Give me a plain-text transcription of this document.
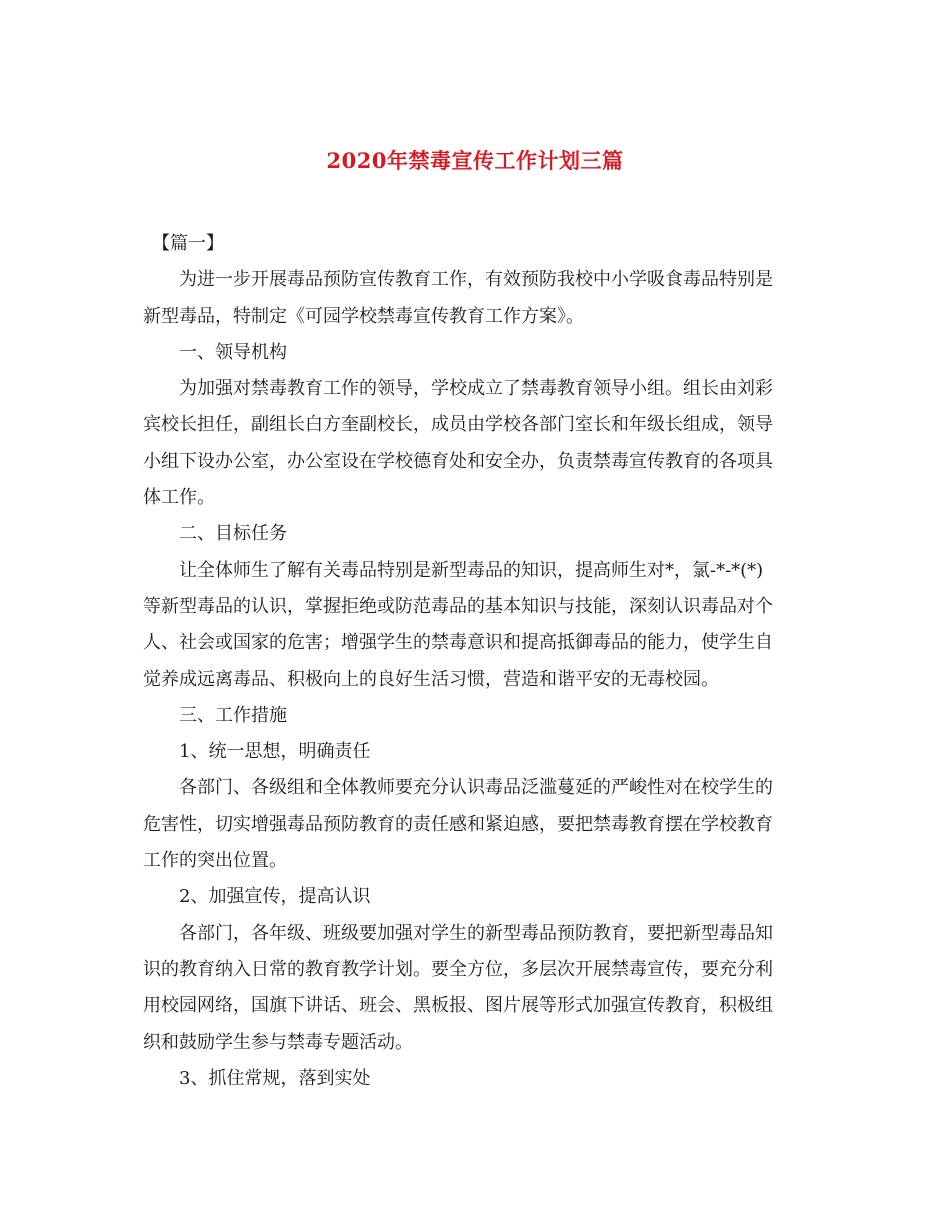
2020年禁毒宣传工作计划三篇
　【篇一】
　　为进一步开展毒品预防宣传教育工作，有效预防我校中小学吸食毒品特别是
新型毒品，特制定《可园学校禁毒宣传教育工作方案》。
　　一、领导机构
　　为加强对禁毒教育工作的领导，学校成立了禁毒教育领导小组。组长由刘彩
宾校长担任，副组长白方奎副校长，成员由学校各部门室长和年级长组成，领导
小组下设办公室，办公室设在学校德育处和安全办，负责禁毒宣传教育的各项具
体工作。
　　二、目标任务
　　让全体师生了解有关毒品特别是新型毒品的知识，提高师生对*，氯-*-*(*)
等新型毒品的认识，掌握拒绝或防范毒品的基本知识与技能，深刻认识毒品对个
人、社会或国家的危害；增强学生的禁毒意识和提高抵御毒品的能力，使学生自
觉养成远离毒品、积极向上的良好生活习惯，营造和谐平安的无毒校园。
　　三、工作措施
　　1、统一思想，明确责任
　　各部门、各级组和全体教师要充分认识毒品泛滥蔓延的严峻性对在校学生的
危害性，切实增强毒品预防教育的责任感和紧迫感，要把禁毒教育摆在学校教育
工作的突出位置。
　　2、加强宣传，提高认识
　　各部门，各年级、班级要加强对学生的新型毒品预防教育，要把新型毒品知
识的教育纳入日常的教育教学计划。要全方位，多层次开展禁毒宣传，要充分利
用校园网络，国旗下讲话、班会、黑板报、图片展等形式加强宣传教育，积极组
织和鼓励学生参与禁毒专题活动。
　　3、抓住常规，落到实处
